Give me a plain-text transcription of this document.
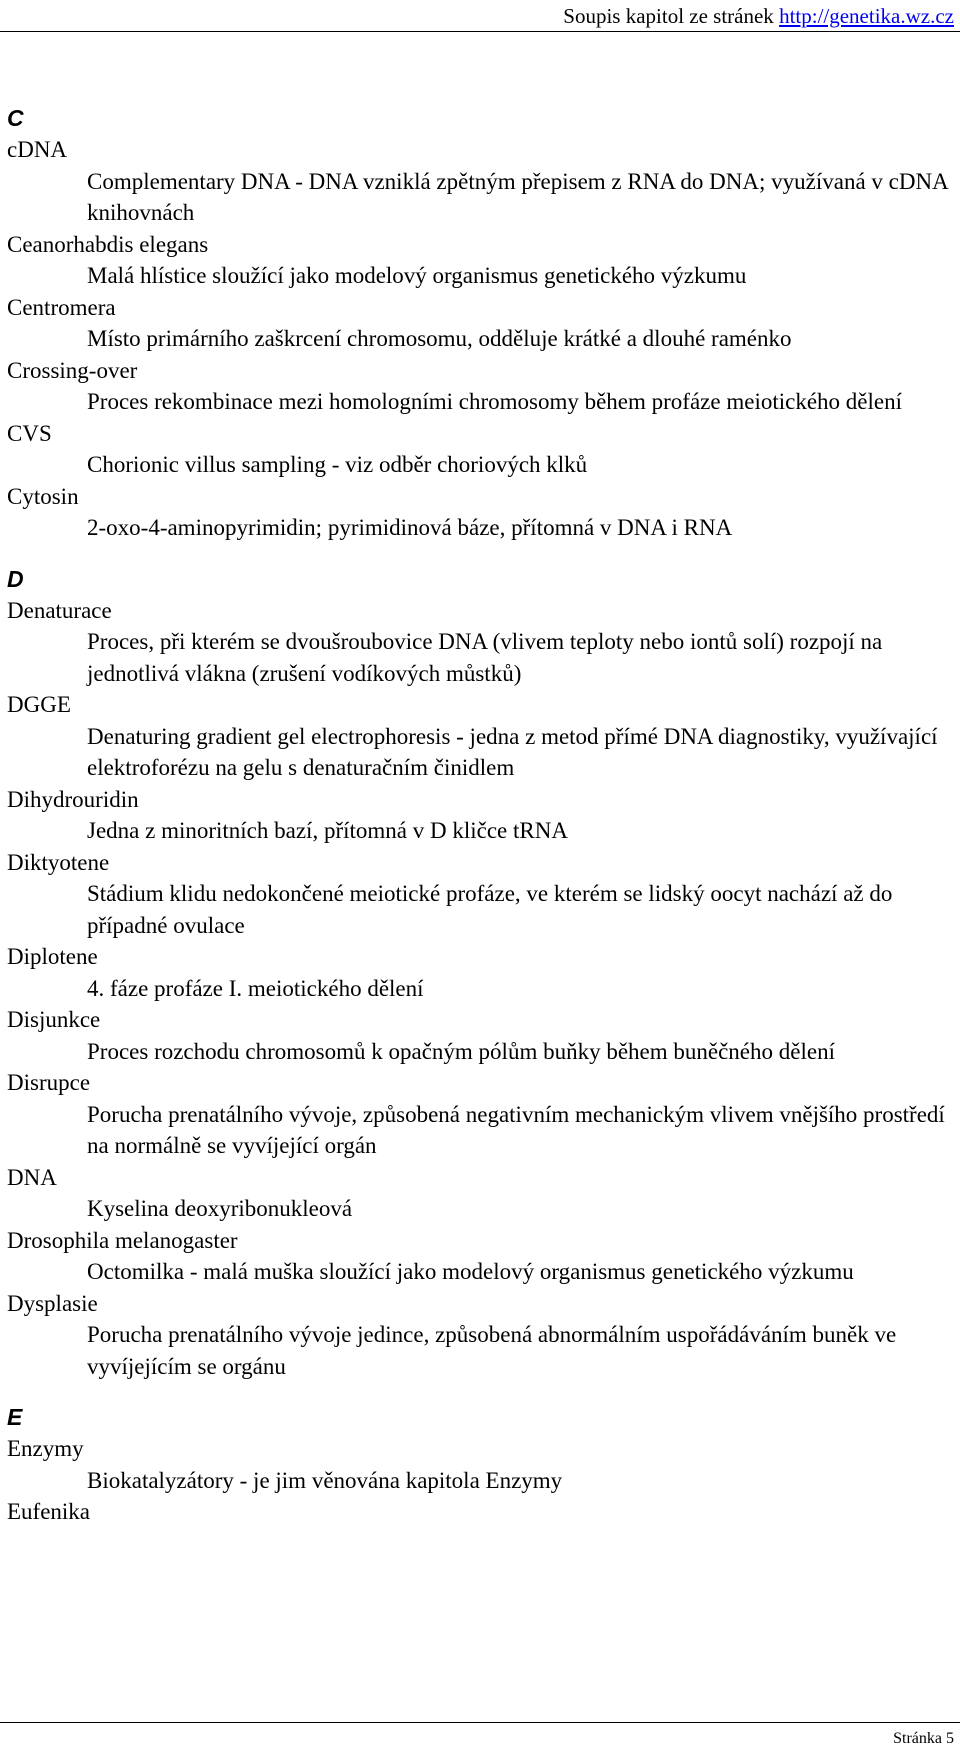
Soupis kapitol ze stránek http://genetika.wz.cz
C
cDNA
Complementary DNA - DNA vzniklá zpětným přepisem z RNA do DNA; využívaná v cDNA knihovnách
Ceanorhabdis elegans
Malá hlístice sloužící jako modelový organismus genetického výzkumu
Centromera
Místo primárního zaškrcení chromosomu, odděluje krátké a dlouhé raménko
Crossing-over
Proces rekombinace mezi homologními chromosomy během profáze meiotického dělení
CVS
Chorionic villus sampling - viz odběr choriových klků
Cytosin
2-oxo-4-aminopyrimidin; pyrimidinová báze, přítomná v DNA i RNA
D
Denaturace
Proces, při kterém se dvoušroubovice DNA (vlivem teploty nebo iontů solí) rozpojí na jednotlivá vlákna (zrušení vodíkových můstků)
DGGE
Denaturing gradient gel electrophoresis - jedna z metod přímé DNA diagnostiky, využívající elektroforézu na gelu s denaturačním činidlem
Dihydrouridin
Jedna z minoritních bazí, přítomná v D kličce tRNA
Diktyotene
Stádium klidu nedokončené meiotické profáze, ve kterém se lidský oocyt nachází až do případné ovulace
Diplotene
4. fáze profáze I. meiotického dělení
Disjunkce
Proces rozchodu chromosomů k opačným pólům buňky během buněčného dělení
Disrupce
Porucha prenatálního vývoje, způsobená negativním mechanickým vlivem vnějšího prostředí na normálně se vyvíjející orgán
DNA
Kyselina deoxyribonukleová
Drosophila melanogaster
Octomilka - malá muška sloužící jako modelový organismus genetického výzkumu
Dysplasie
Porucha prenatálního vývoje jedince, způsobená abnormálním uspořádáváním buněk ve vyvíjejícím se orgánu
E
Enzymy
Biokatalyzátory - je jim věnována kapitola Enzymy
Eufenika
Stránka 5
